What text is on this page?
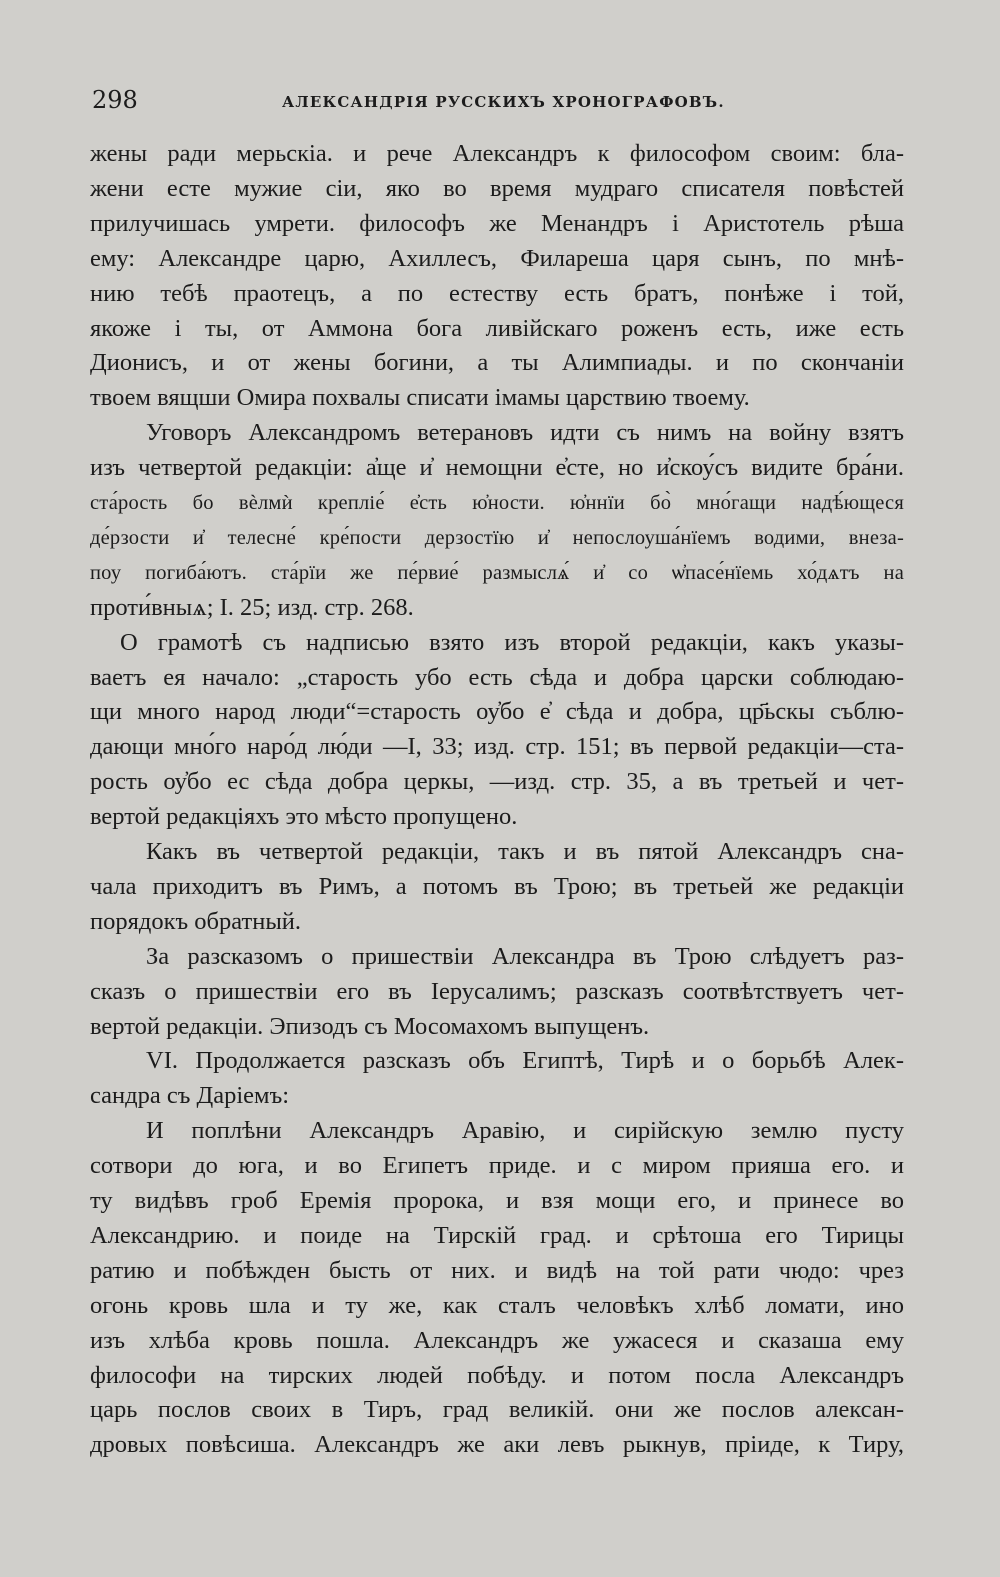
298	АЛЕКСАНДРІЯ РУССКИХЪ ХРОНОГРАФОВЪ.
жены ради мерьскіа. и рече Александръ к философом своим: бла-
жени есте мужие сіи, яко во время мудраго списателя повѣстей
прилучишась умрети. философъ же Менандръ і Аристотель рѣша
ему: Александре царю, Ахиллесъ, Филареша царя сынъ, по мнѣ-
нию тебѣ праотецъ, а по естеству есть братъ, понѣже і той,
якоже і ты, от Аммона бога ливійскаго роженъ есть, иже есть
Дионисъ, и от жены богини, а ты Алимпиады. и по скончаніи
твоем вящши Омира похвалы списати імамы царствию твоему.
Уговоръ Александромъ ветерановъ идти съ нимъ на войну взятъ
изъ четвертой редакціи: а҆ще и҆ немощни е҆сте, но и҆скоу́съ видите бра́ни.
ста́рость бо вѐлмѝ крепліе́ е҆сть ю҆ности. ю҆ннїи бо̀ мно́гащи надѣ́ющеся
де́рзости и҆ телесне́ кре́пости дерзостїю и҆ непослоуша́нїемъ водими, внеза-
поу погиба́ютъ. ста́рїи же пе́рвие́ размыслѧ́ и҆ со ѡ҆пасе́нїемь хо́дѧтъ на
проти́вныѧ; I. 25; изд. стр. 268.
О грамотѣ съ надписью взято изъ второй редакціи, какъ указы-
ваетъ ея начало: „старость убо есть сѣда и добра царски соблюдаю-
щи много народ люди“=старость оу҆бо е҆ сѣда и добра, цр҃ьскы съблю-
дающи мно́го наро́д лю́ди —I, 33; изд. стр. 151; въ первой редакціи—ста-
рость оу҆бо ес сѣда добра церкы, —изд. стр. 35, а въ третьей и чет-
вертой редакціяхъ это мѣсто пропущено.
Какъ въ четвертой редакціи, такъ и въ пятой Александръ сна-
чала приходитъ въ Римъ, а потомъ въ Трою; въ третьей же редакціи
порядокъ обратный.
За разсказомъ о пришествіи Александра въ Трою слѣдуетъ раз-
сказъ о пришествіи его въ Іерусалимъ; разсказъ соотвѣтствуетъ чет-
вертой редакціи. Эпизодъ съ Мосомахомъ выпущенъ.
VI. Продолжается разсказъ объ Египтѣ, Тирѣ и о борьбѣ Алек-
сандра съ Даріемъ:
И поплѣни Александръ Аравію, и сирійскую землю пусту
сотвори до юга, и во Египетъ приде. и с миром прияша его. и
ту видѣвъ гроб Еремія пророка, и взя мощи его, и принесе во
Александрию. и поиде на Тирскій град. и срѣтоша его Тирицы
ратию и побѣжден бысть от них. и видѣ на той рати чюдо: чрез
огонь кровь шла и ту же, как сталъ человѣкъ хлѣб ломати, ино
изъ хлѣба кровь пошла. Александръ же ужасеся и сказаша ему
философи на тирских людей побѣду. и потом посла Александръ
царь послов своих в Тиръ, град великій. они же послов алексан-
дровых повѣсиша. Александръ же аки левъ рыкнув, пріиде, к Тиру,
